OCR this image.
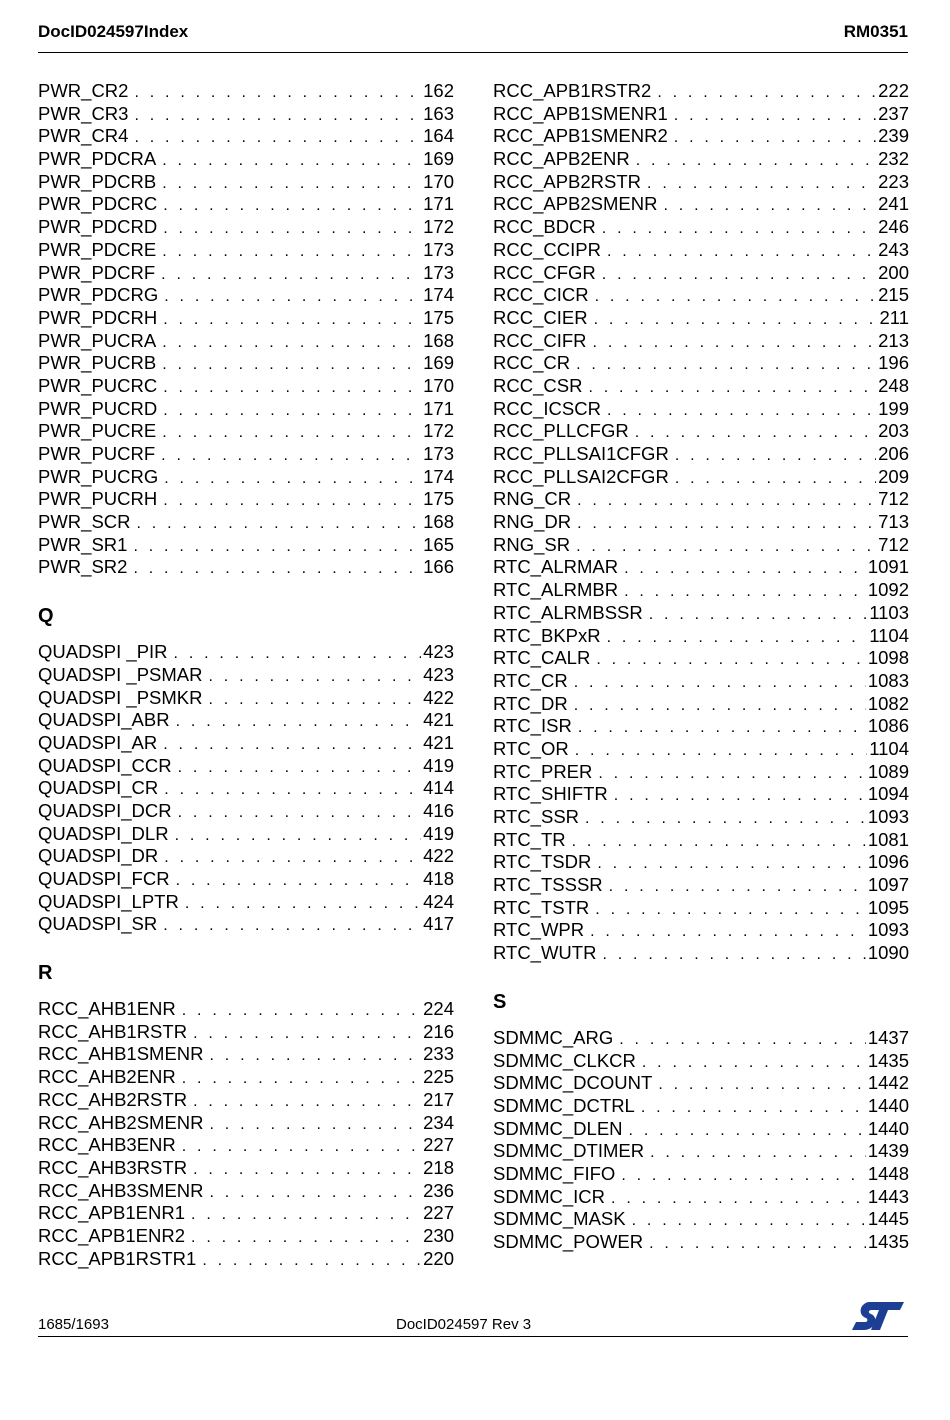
DocID024597Index	RM0351
PWR_CR2 . . .	162
PWR_CR3 . . .	163
PWR_CR4 . . .	164
PWR_PDCRA . . .	169
PWR_PDCRB . . .	170
PWR_PDCRC . . .	171
PWR_PDCRD . . .	172
PWR_PDCRE . . .	173
PWR_PDCRF . . .	173
PWR_PDCRG . . .	174
PWR_PDCRH . . .	175
PWR_PUCRA . . .	168
PWR_PUCRB . . .	169
PWR_PUCRC . . .	170
PWR_PUCRD . . .	171
PWR_PUCRE . . .	172
PWR_PUCRF . . .	173
PWR_PUCRG . . .	174
PWR_PUCRH . . .	175
PWR_SCR . . .	168
PWR_SR1 . . .	165
PWR_SR2 . . .	166
Q
QUADSPI _PIR . . .	423
QUADSPI _PSMAR . . .	423
QUADSPI _PSMKR . . .	422
QUADSPI_ABR . . .	421
QUADSPI_AR . . .	421
QUADSPI_CCR . . .	419
QUADSPI_CR . . .	414
QUADSPI_DCR . . .	416
QUADSPI_DLR . . .	419
QUADSPI_DR . . .	422
QUADSPI_FCR . . .	418
QUADSPI_LPTR . . .	424
QUADSPI_SR . . .	417
R
RCC_AHB1ENR . . .	224
RCC_AHB1RSTR . . .	216
RCC_AHB1SMENR . . .	233
RCC_AHB2ENR . . .	225
RCC_AHB2RSTR . . .	217
RCC_AHB2SMENR . . .	234
RCC_AHB3ENR . . .	227
RCC_AHB3RSTR . . .	218
RCC_AHB3SMENR . . .	236
RCC_APB1ENR1 . . .	227
RCC_APB1ENR2 . . .	230
RCC_APB1RSTR1 . . .	220
RCC_APB1RSTR2 . . .	222
RCC_APB1SMENR1 . . .	237
RCC_APB1SMENR2 . . .	239
RCC_APB2ENR . . .	232
RCC_APB2RSTR . . .	223
RCC_APB2SMENR . . .	241
RCC_BDCR . . .	246
RCC_CCIPR . . .	243
RCC_CFGR . . .	200
RCC_CICR . . .	215
RCC_CIER . . .	211
RCC_CIFR . . .	213
RCC_CR . . .	196
RCC_CSR . . .	248
RCC_ICSCR . . .	199
RCC_PLLCFGR . . .	203
RCC_PLLSAI1CFGR . . .	206
RCC_PLLSAI2CFGR . . .	209
RNG_CR . . .	712
RNG_DR . . .	713
RNG_SR . . .	712
RTC_ALRMAR . . .	1091
RTC_ALRMBR . . .	1092
RTC_ALRMBSSR . . .	1103
RTC_BKPxR . . .	1104
RTC_CALR . . .	1098
RTC_CR . . .	1083
RTC_DR . . .	1082
RTC_ISR . . .	1086
RTC_OR . . .	1104
RTC_PRER . . .	1089
RTC_SHIFTR . . .	1094
RTC_SSR . . .	1093
RTC_TR . . .	1081
RTC_TSDR . . .	1096
RTC_TSSSR . . .	1097
RTC_TSTR . . .	1095
RTC_WPR . . .	1093
RTC_WUTR . . .	1090
S
SDMMC_ARG . . .	1437
SDMMC_CLKCR . . .	1435
SDMMC_DCOUNT . . .	1442
SDMMC_DCTRL . . .	1440
SDMMC_DLEN . . .	1440
SDMMC_DTIMER . . .	1439
SDMMC_FIFO . . .	1448
SDMMC_ICR . . .	1443
SDMMC_MASK . . .	1445
SDMMC_POWER . . .	1435
1685/1693	DocID024597 Rev 3
